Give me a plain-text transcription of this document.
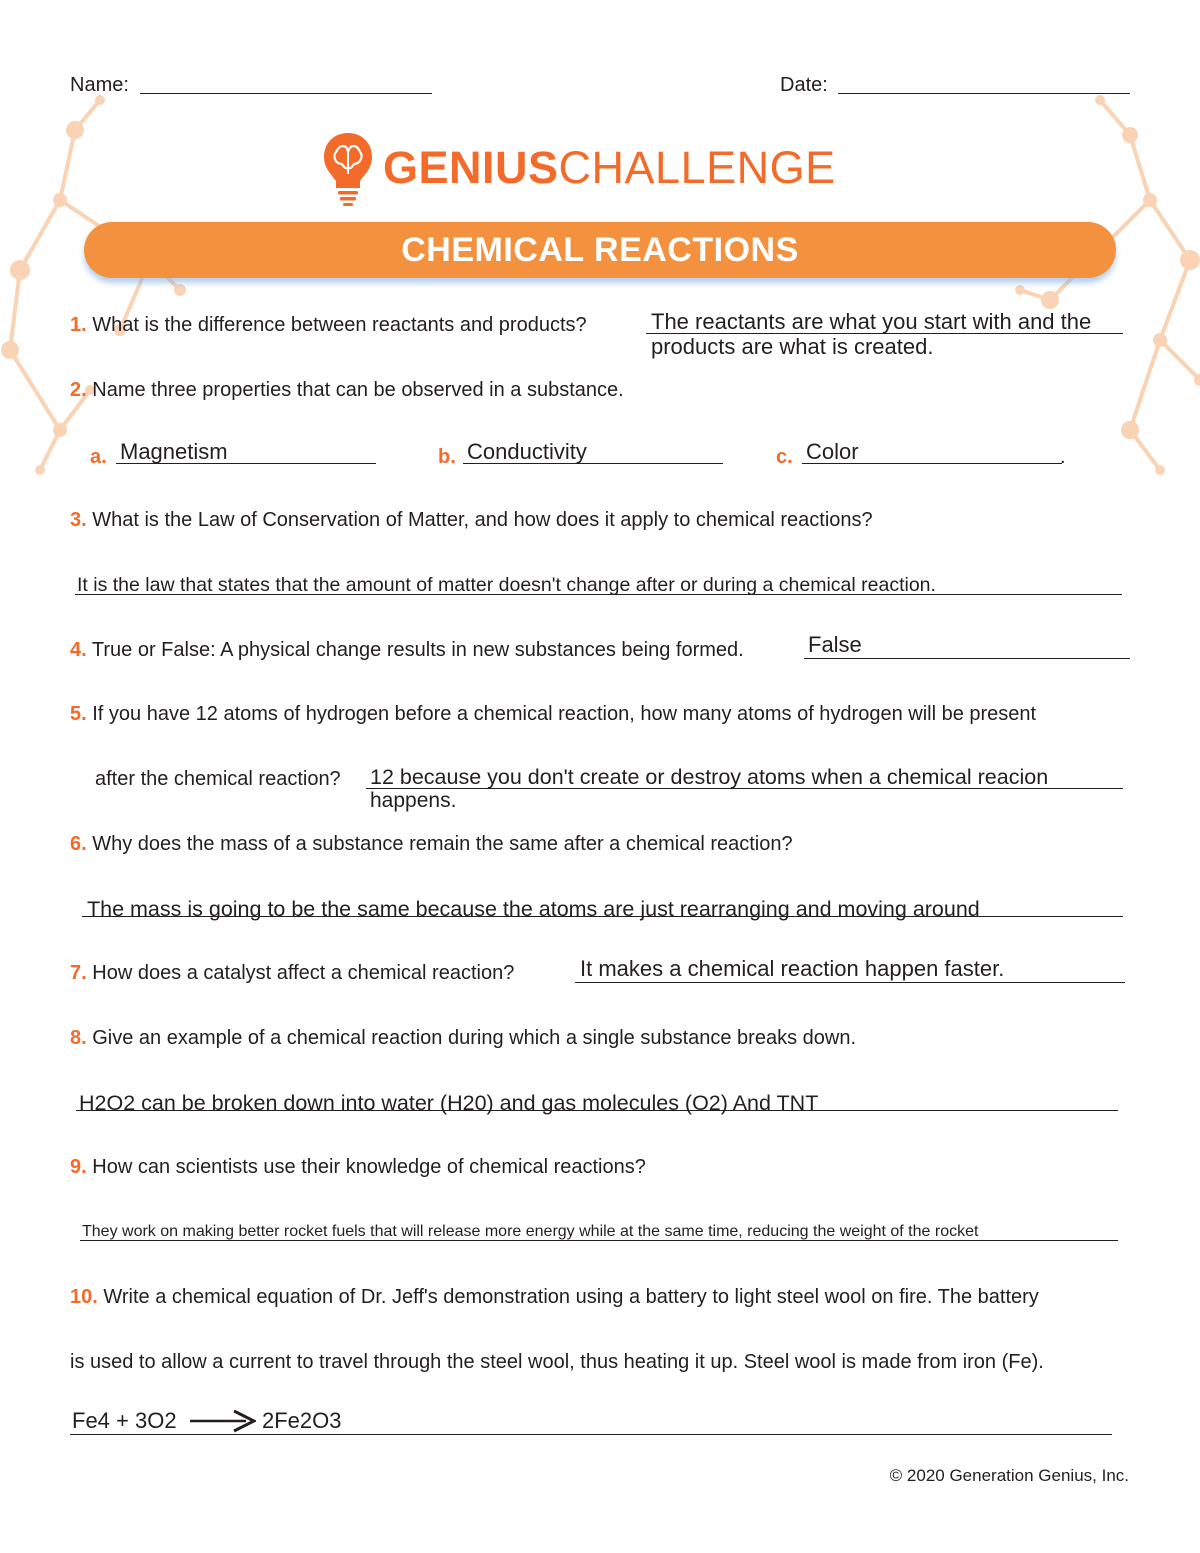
Name:	Date:
GENIUSCHALLENGE
CHEMICAL REACTIONS
1. What is the difference between reactants and products?	The reactants are what you start with and the
products are what is created.
2. Name three properties that can be observed in a substance.
a. Magnetism	b. Conductivity	c. Color	.
3. What is the Law of Conservation of Matter, and how does it apply to chemical reactions?
It is the law that states that the amount of matter doesn't change after or during a chemical reaction.
4. True or False: A physical change results in new substances being formed.	False
5. If you have 12 atoms of hydrogen before a chemical reaction, how many atoms of hydrogen will be present
after the chemical reaction? 12 because you don't create or destroy atoms when a chemical reacion
happens.
6. Why does the mass of a substance remain the same after a chemical reaction?
The mass is going to be the same because the atoms are just rearranging and moving around
7. How does a catalyst affect a chemical reaction?	It makes a chemical reaction happen faster.
8. Give an example of a chemical reaction during which a single substance breaks down.
H2O2 can be broken down into water (H20) and gas molecules (O2) And TNT
9. How can scientists use their knowledge of chemical reactions?
They work on making better rocket fuels that will release more energy while at the same time, reducing the weight of the rocket
10. Write a chemical equation of Dr. Jeff's demonstration using a battery to light steel wool on fire. The battery
is used to allow a current to travel through the steel wool, thus heating it up. Steel wool is made from iron (Fe).
Fe4 + 3O2	2Fe2O3
© 2020 Generation Genius, Inc.
